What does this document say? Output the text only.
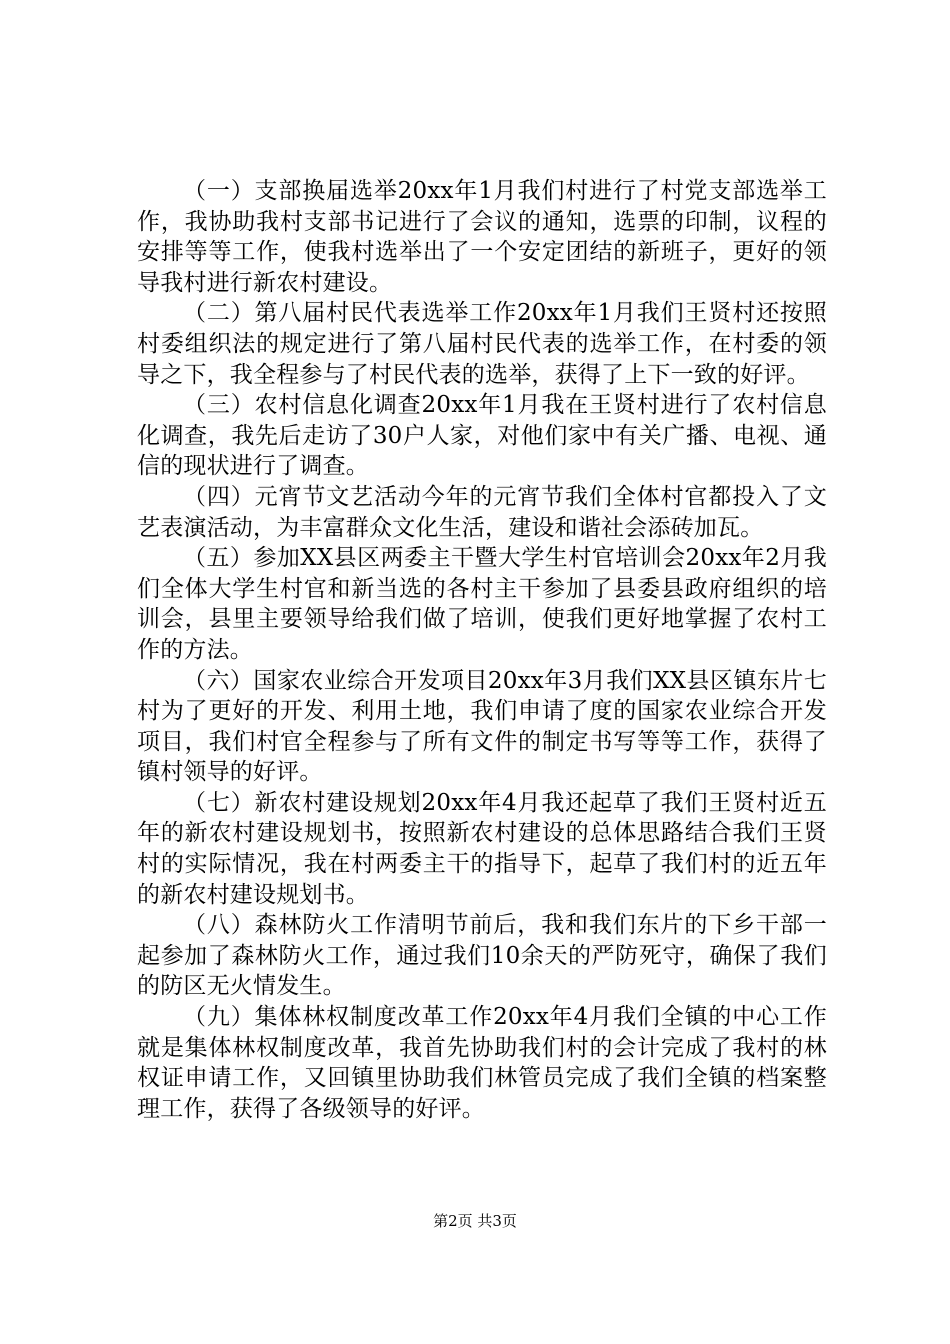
（一）支部换届选举20xx年1月我们村进行了村党支部选举工作，我协助我村支部书记进行了会议的通知，选票的印制，议程的安排等等工作，使我村选举出了一个安定团结的新班子，更好的领导我村进行新农村建设。

（二）第八届村民代表选举工作20xx年1月我们王贤村还按照村委组织法的规定进行了第八届村民代表的选举工作，在村委的领导之下，我全程参与了村民代表的选举，获得了上下一致的好评。

（三）农村信息化调查20xx年1月我在王贤村进行了农村信息化调查，我先后走访了30户人家，对他们家中有关广播、电视、通信的现状进行了调查。

（四）元宵节文艺活动今年的元宵节我们全体村官都投入了文艺表演活动，为丰富群众文化生活，建设和谐社会添砖加瓦。

（五）参加XX县区两委主干暨大学生村官培训会20xx年2月我们全体大学生村官和新当选的各村主干参加了县委县政府组织的培训会，县里主要领导给我们做了培训，使我们更好地掌握了农村工作的方法。

（六）国家农业综合开发项目20xx年3月我们XX县区镇东片七村为了更好的开发、利用土地，我们申请了度的国家农业综合开发项目，我们村官全程参与了所有文件的制定书写等等工作，获得了镇村领导的好评。

（七）新农村建设规划20xx年4月我还起草了我们王贤村近五年的新农村建设规划书，按照新农村建设的总体思路结合我们王贤村的实际情况，我在村两委主干的指导下，起草了我们村的近五年的新农村建设规划书。

（八）森林防火工作清明节前后，我和我们东片的下乡干部一起参加了森林防火工作，通过我们10余天的严防死守，确保了我们的防区无火情发生。

（九）集体林权制度改革工作20xx年4月我们全镇的中心工作就是集体林权制度改革，我首先协助我们村的会计完成了我村的林权证申请工作，又回镇里协助我们林管员完成了我们全镇的档案整理工作，获得了各级领导的好评。

第2页 共3页
